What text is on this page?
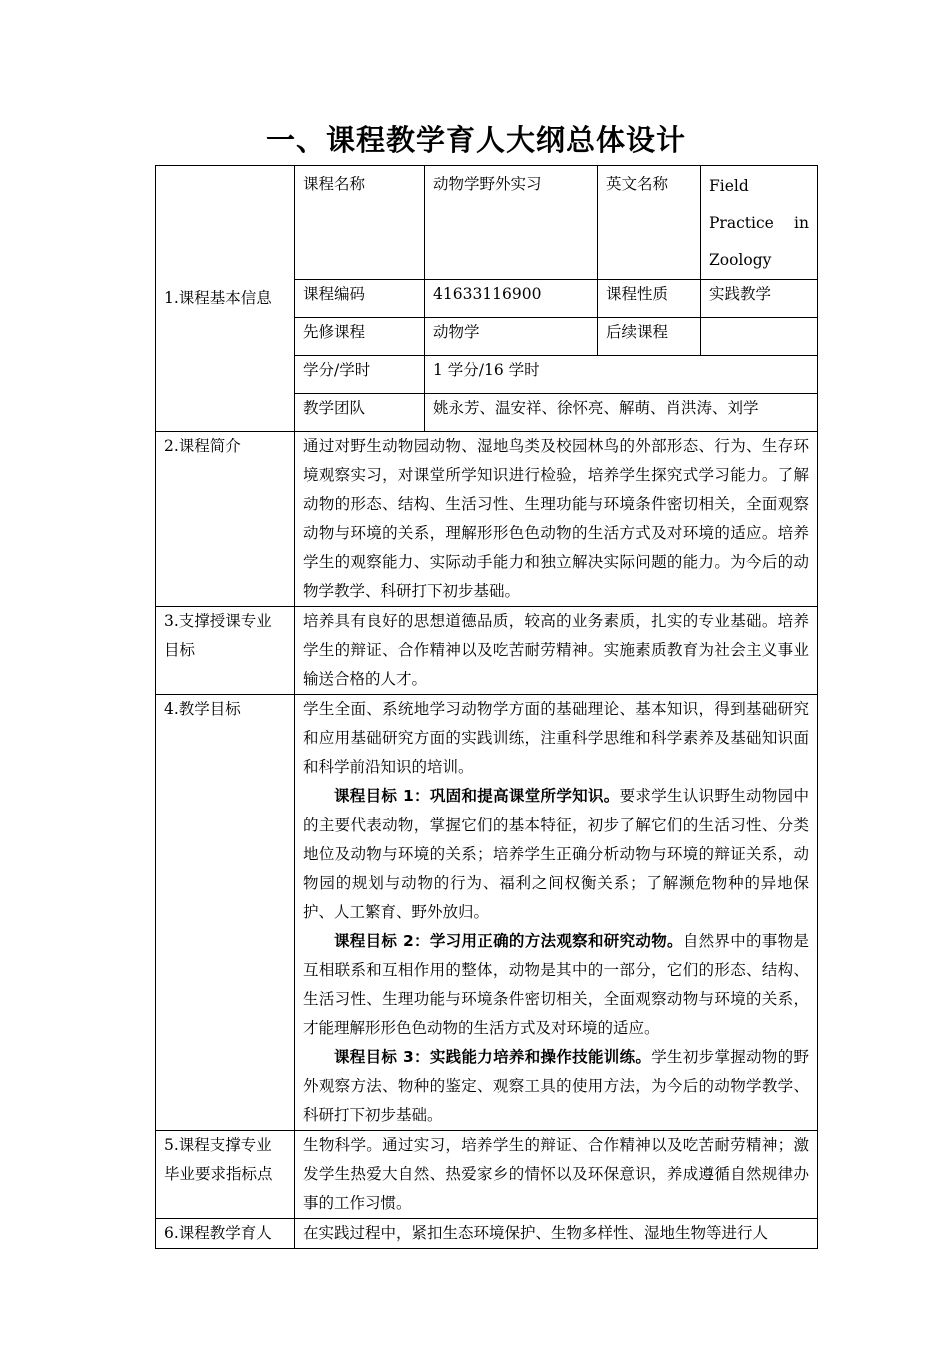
一、课程教学育人大纲总体设计
1.课程基本信息	课程名称	动物学野外实习	英文名称	Field Practice in Zoology
	课程编码	41633116900	课程性质	实践教学
	先修课程	动物学	后续课程	
	学分/学时	1 学分/16 学时		
	教学团队	姚永芳、温安祥、徐怀亮、解萌、肖洪涛、刘学		
2.课程简介	通过对野生动物园动物、湿地鸟类及校园林鸟的外部形态、行为、生存环境观察实习，对课堂所学知识进行检验，培养学生探究式学习能力。了解动物的形态、结构、生活习性、生理功能与环境条件密切相关，全面观察动物与环境的关系，理解形形色色动物的生活方式及对环境的适应。培养学生的观察能力、实际动手能力和独立解决实际问题的能力。为今后的动物学教学、科研打下初步基础。			
3.支撑授课专业目标	培养具有良好的思想道德品质，较高的业务素质，扎实的专业基础。培养学生的辩证、合作精神以及吃苦耐劳精神。实施素质教育为社会主义事业输送合格的人才。			
4.教学目标	学生全面、系统地学习动物学方面的基础理论、基本知识，得到基础研究和应用基础研究方面的实践训练，注重科学思维和科学素养及基础知识面和科学前沿知识的培训。

课程目标 1：巩固和提高课堂所学知识。要求学生认识野生动物园中的主要代表动物，掌握它们的基本特征，初步了解它们的生活习性、分类地位及动物与环境的关系；培养学生正确分析动物与环境的辩证关系，动物园的规划与动物的行为、福利之间权衡关系；了解濒危物种的异地保护、人工繁育、野外放归。

课程目标 2：学习用正确的方法观察和研究动物。自然界中的事物是互相联系和互相作用的整体，动物是其中的一部分，它们的形态、结构、生活习性、生理功能与环境条件密切相关，全面观察动物与环境的关系，才能理解形形色色动物的生活方式及对环境的适应。

课程目标 3：实践能力培养和操作技能训练。学生初步掌握动物的野外观察方法、物种的鉴定、观察工具的使用方法，为今后的动物学教学、科研打下初步基础。			

5.课程支撑专业毕业要求指标点	生物科学。通过实习，培养学生的辩证、合作精神以及吃苦耐劳精神；激发学生热爱大自然、热爱家乡的情怀以及环保意识，养成遵循自然规律办事的工作习惯。			
6.课程教学育人	在实践过程中，紧扣生态环境保护、生物多样性、湿地生物等进行人			
